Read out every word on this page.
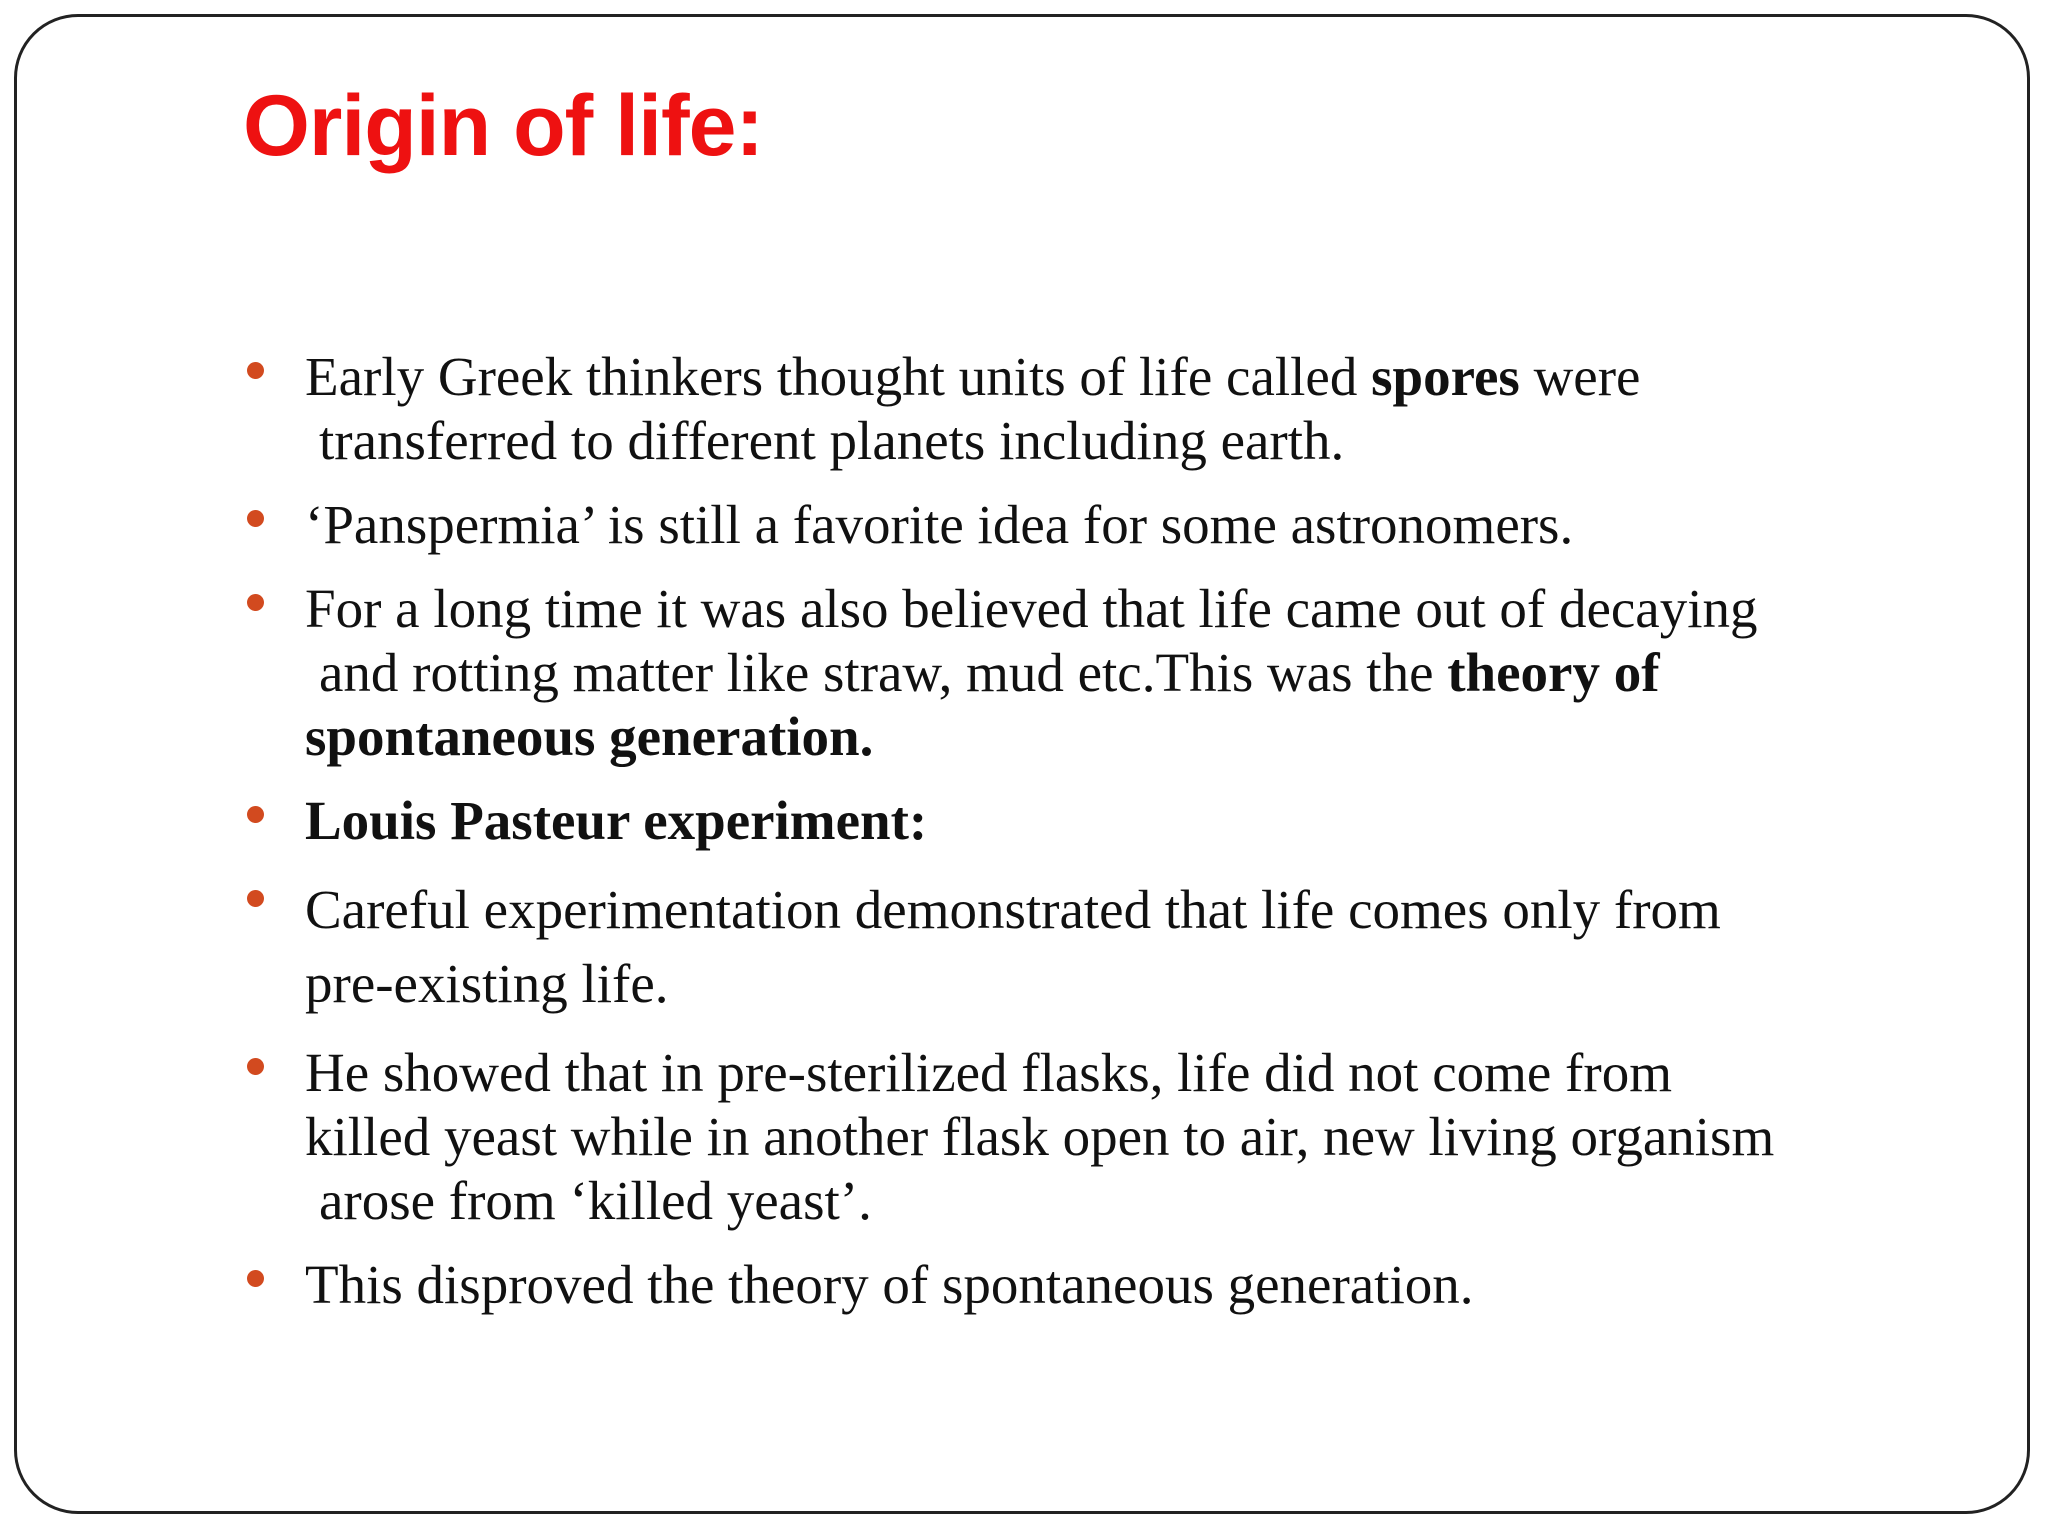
Origin of life:
Early Greek thinkers thought units of life called spores were
transferred to different planets including earth.
‘Panspermia’ is still a favorite idea for some astronomers.
For a long time it was also believed that life came out of decaying
and rotting matter like straw, mud etc.This was the theory of
spontaneous generation.
Louis Pasteur experiment:
Careful experimentation demonstrated that life comes only from
pre-existing life.
He showed that in pre-sterilized flasks, life did not come from
killed yeast while in another flask open to air, new living organism
arose from ‘killed yeast’.
This disproved the theory of spontaneous generation.
